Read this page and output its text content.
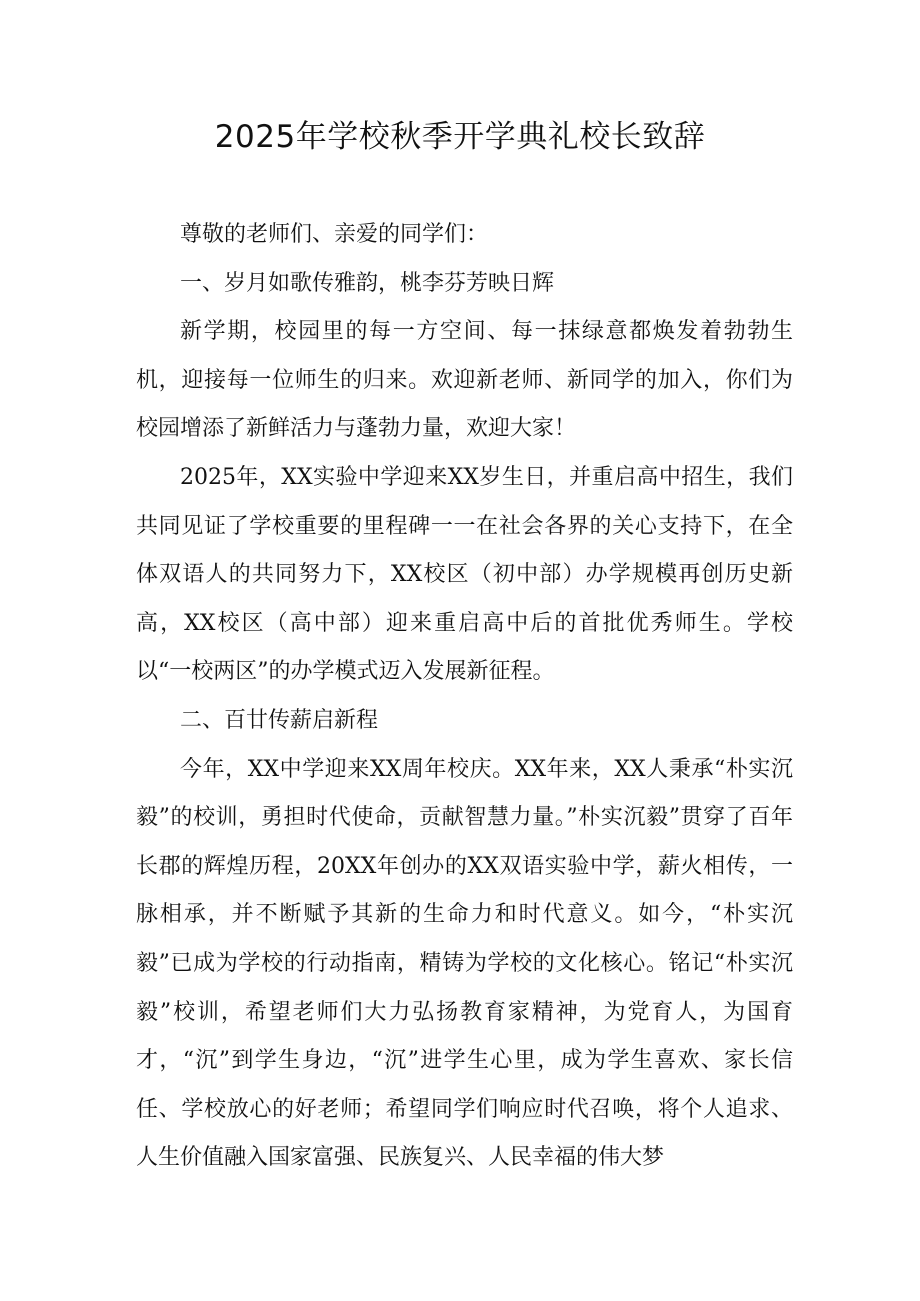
2025年学校秋季开学典礼校长致辞

尊敬的老师们、亲爱的同学们：

一、岁月如歌传雅韵，桃李芬芳映日辉

新学期，校园里的每一方空间、每一抹绿意都焕发着勃勃生机，迎接每一位师生的归来。欢迎新老师、新同学的加入，你们为校园增添了新鲜活力与蓬勃力量，欢迎大家！

2025年，XX实验中学迎来XX岁生日，并重启高中招生，我们共同见证了学校重要的里程碑一一在社会各界的关心支持下，在全体双语人的共同努力下，XX校区（初中部）办学规模再创历史新高，XX校区（高中部）迎来重启高中后的首批优秀师生。学校以“一校两区”的办学模式迈入发展新征程。

二、百廿传薪启新程

今年，XX中学迎来XX周年校庆。XX年来，XX人秉承“朴实沉毅”的校训，勇担时代使命，贡献智慧力量。”朴实沉毅”贯穿了百年长郡的辉煌历程，20XX年创办的XX双语实验中学，薪火相传，一脉相承，并不断赋予其新的生命力和时代意义。如今，“朴实沉毅”已成为学校的行动指南，精铸为学校的文化核心。铭记“朴实沉毅”校训，希望老师们大力弘扬教育家精神，为党育人，为国育才，“沉”到学生身边，“沉”进学生心里，成为学生喜欢、家长信任、学校放心的好老师；希望同学们响应时代召唤，将个人追求、人生价值融入国家富强、民族复兴、人民幸福的伟大梦
